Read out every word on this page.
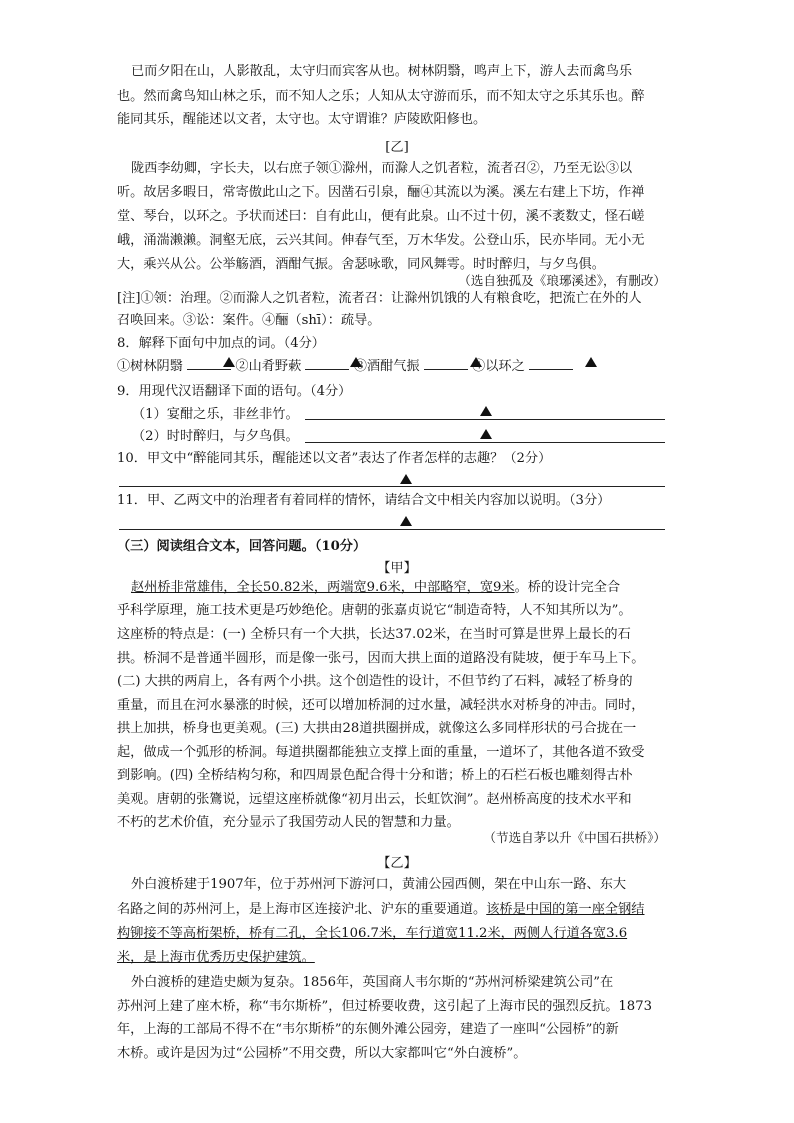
已而夕阳在山，人影散乱，太守归而宾客从也。树林阴翳，鸣声上下，游人去而禽鸟乐
也。然而禽鸟知山林之乐，而不知人之乐；人知从太守游而乐，而不知太守之乐其乐也。醉
能同其乐，醒能述以文者，太守也。太守谓谁？庐陵欧阳修也。
[乙]
陇西李幼卿，字长夫，以右庶子领①滁州，而滁人之饥者粒，流者召②，乃至无讼③以
听。故居多暇日，常寄傲此山之下。因凿石引泉，酾④其流以为溪。溪左右建上下坊，作禅
堂、琴台，以环之。予状而述曰：自有此山，便有此泉。山不过十仞，溪不袤数丈，怪石嵯
峨，涌湍濑濑。洞壑无底，云兴其间。伸春气至，万木华发。公登山乐，民亦毕同。无小无
大，乘兴从公。公举觞酒，酒酣气振。舍瑟咏歌，同风舞雩。时时醉归，与夕鸟俱。
（选自独孤及《琅琊溪述》，有删改）
[注]①领：治理。②而滁人之饥者粒，流者召：让滁州饥饿的人有粮食吃，把流亡在外的人
召唤回来。③讼：案件。④酾（shī）：疏导。
8．解释下面句中加点的词。（4分）
①树林阴翳	②山肴野蔌	③酒酣气振	④以环之
9．用现代汉语翻译下面的语句。（4分）
（1）宴酣之乐，非丝非竹。
（2）时时醉归，与夕鸟俱。
10．甲文中“醉能同其乐，醒能述以文者”表达了作者怎样的志趣？（2分）
11．甲、乙两文中的治理者有着同样的情怀，请结合文中相关内容加以说明。（3分）
（三）阅读组合文本，回答问题。（10分）
【甲】
赵州桥非常雄伟，全长50.82米，两端宽9.6米，中部略窄，宽9米。桥的设计完全合
乎科学原理，施工技术更是巧妙绝伦。唐朝的张嘉贞说它“制造奇特，人不知其所以为”。
这座桥的特点是：(一) 全桥只有一个大拱，长达37.02米，在当时可算是世界上最长的石
拱。桥洞不是普通半圆形，而是像一张弓，因而大拱上面的道路没有陡坡，便于车马上下。
(二) 大拱的两肩上，各有两个小拱。这个创造性的设计，不但节约了石料，减轻了桥身的
重量，而且在河水暴涨的时候，还可以增加桥洞的过水量，减轻洪水对桥身的冲击。同时，
拱上加拱，桥身也更美观。(三) 大拱由28道拱圈拼成，就像这么多同样形状的弓合拢在一
起，做成一个弧形的桥洞。每道拱圈都能独立支撑上面的重量，一道坏了，其他各道不致受
到影响。(四) 全桥结构匀称，和四周景色配合得十分和谐；桥上的石栏石板也雕刻得古朴
美观。唐朝的张鷟说，远望这座桥就像“初月出云，长虹饮涧”。赵州桥高度的技术水平和
不朽的艺术价值，充分显示了我国劳动人民的智慧和力量。
（节选自茅以升《中国石拱桥》）
【乙】
外白渡桥建于1907年，位于苏州河下游河口，黄浦公园西侧，架在中山东一路、东大
名路之间的苏州河上，是上海市区连接沪北、沪东的重要通道。该桥是中国的第一座全钢结
构铆接不等高桁架桥，桥有二孔，全长106.7米，车行道宽11.2米，两侧人行道各宽3.6
米，是上海市优秀历史保护建筑。
外白渡桥的建造史颇为复杂。1856年，英国商人韦尔斯的“苏州河桥梁建筑公司”在
苏州河上建了座木桥，称“韦尔斯桥”，但过桥要收费，这引起了上海市民的强烈反抗。1873
年，上海的工部局不得不在“韦尔斯桥”的东侧外滩公园旁，建造了一座叫“公园桥”的新
木桥。或许是因为过“公园桥”不用交费，所以大家都叫它“外白渡桥”。
